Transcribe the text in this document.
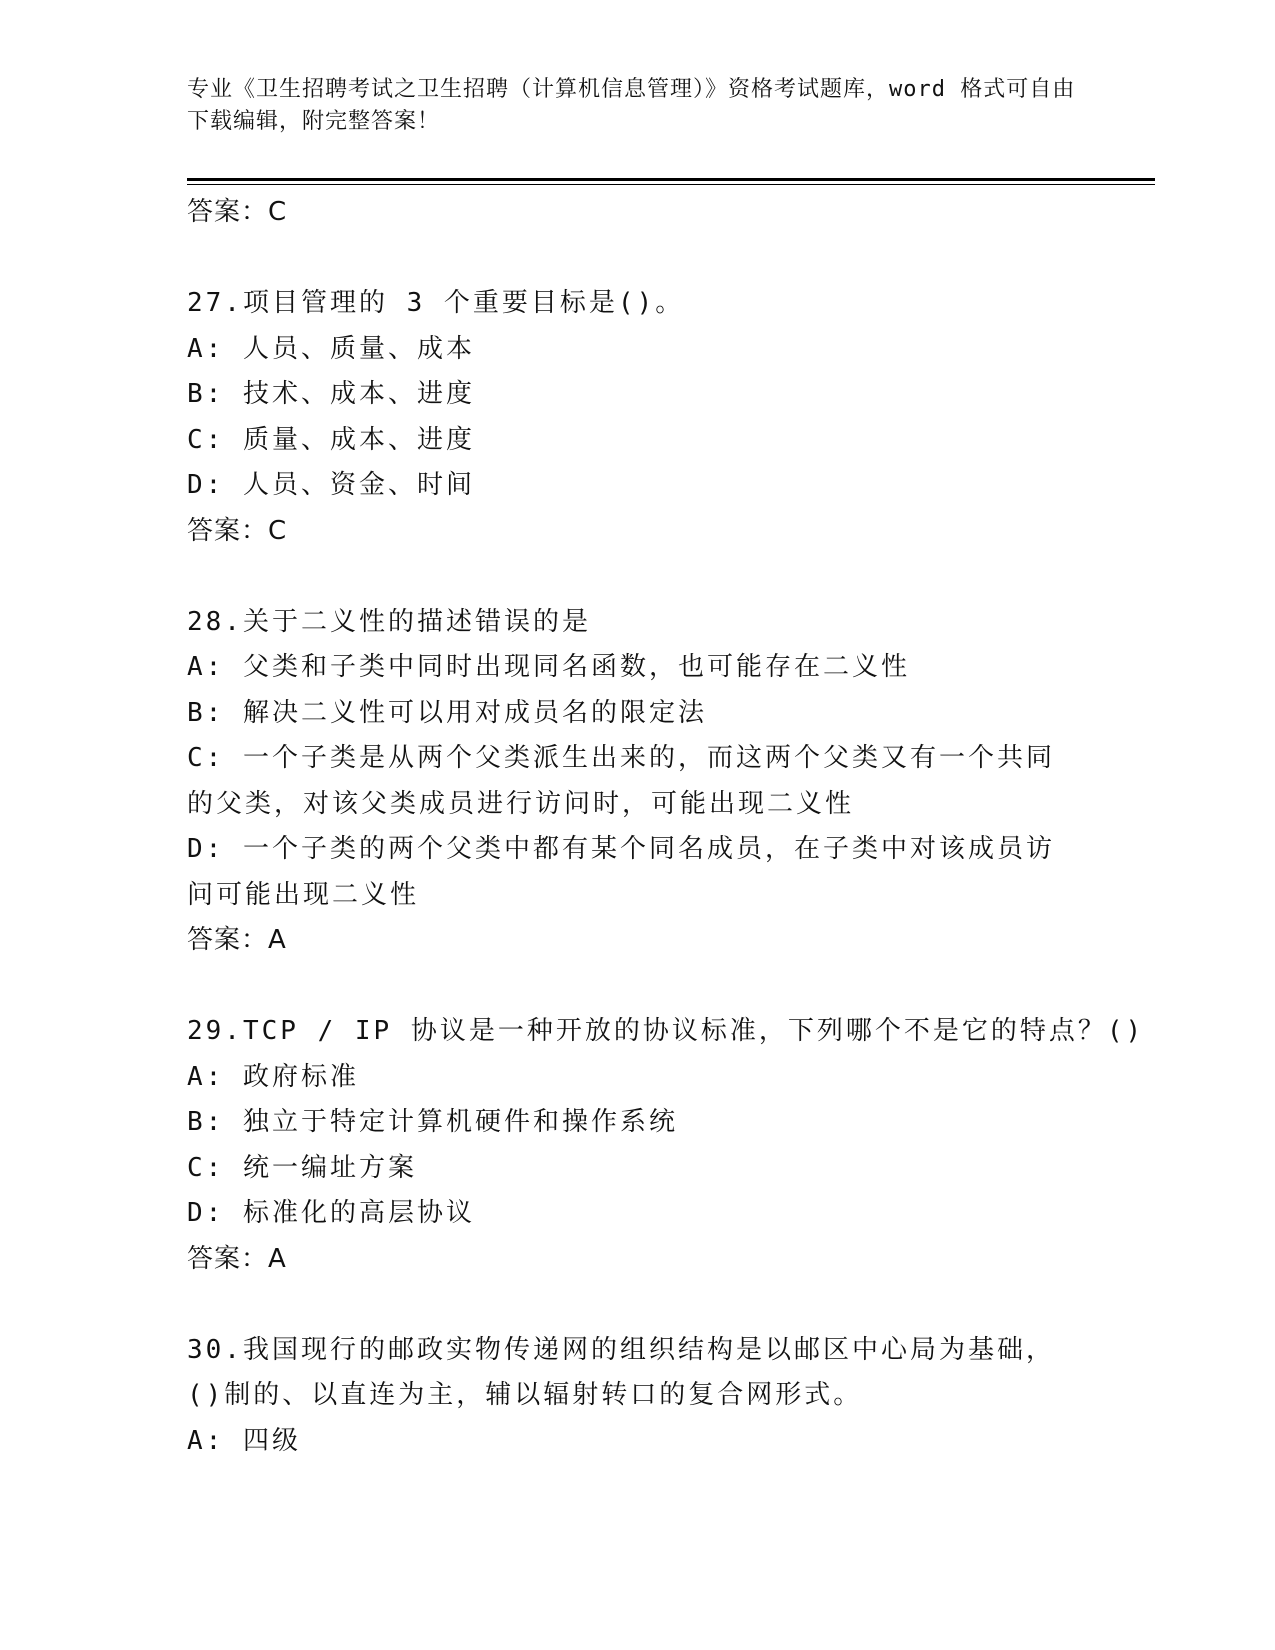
专业《卫生招聘考试之卫生招聘（计算机信息管理）》资格考试题库，word 格式可自由下载编辑，附完整答案！
答案：C
27.项目管理的 3 个重要目标是()。
A: 人员、质量、成本
B: 技术、成本、进度
C: 质量、成本、进度
D: 人员、资金、时间
答案：C
28.关于二义性的描述错误的是
A: 父类和子类中同时出现同名函数，也可能存在二义性
B: 解决二义性可以用对成员名的限定法
C: 一个子类是从两个父类派生出来的，而这两个父类又有一个共同的父类，对该父类成员进行访问时，可能出现二义性
D: 一个子类的两个父类中都有某个同名成员，在子类中对该成员访问可能出现二义性
答案：A
29.TCP / IP 协议是一种开放的协议标准，下列哪个不是它的特点？()
A: 政府标准
B: 独立于特定计算机硬件和操作系统
C: 统一编址方案
D: 标准化的高层协议
答案：A
30.我国现行的邮政实物传递网的组织结构是以邮区中心局为基础，()制的、以直连为主，辅以辐射转口的复合网形式。
A: 四级
